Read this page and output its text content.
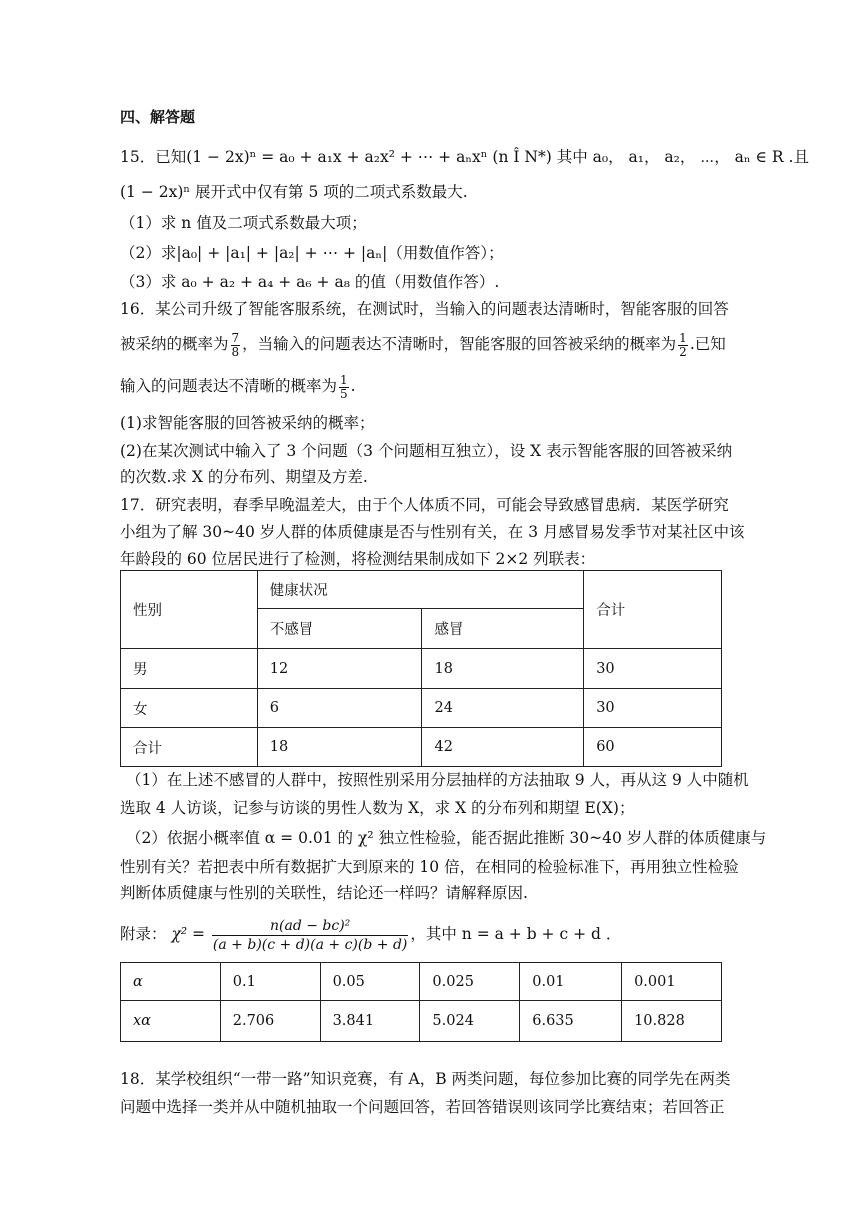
四、解答题
15．已知(1 − 2x)ⁿ = a₀ + a₁x + a₂x² + ⋯ + aₙxⁿ (n Î N*) 其中 a₀， a₁， a₂， ⋯， aₙ ∈ R .且
(1 − 2x)ⁿ 展开式中仅有第 5 项的二项式系数最大.
（1）求 n 值及二项式系数最大项；
（2）求|a₀| + |a₁| + |a₂| + ⋯ + |aₙ|（用数值作答）；
（3）求 a₀ + a₂ + a₄ + a₆ + a₈ 的值（用数值作答）.
16．某公司升级了智能客服系统，在测试时，当输入的问题表达清晰时，智能客服的回答
被采纳的概率为 $\frac{7}{8}$ ，当输入的问题表达不清晰时，智能客服的回答被采纳的概率为 $\frac{1}{2}$ .已知
输入的问题表达不清晰的概率为 $\frac{1}{5}$ .
(1)求智能客服的回答被采纳的概率；
(2)在某次测试中输入了 3 个问题（3 个问题相互独立），设 X 表示智能客服的回答被采纳
的次数.求 X 的分布列、期望及方差.
17．研究表明，春季早晚温差大，由于个人体质不同，可能会导致感冒患病．某医学研究
小组为了解 30~40 岁人群的体质健康是否与性别有关，在 3 月感冒易发季节对某社区中该
年龄段的 60 位居民进行了检测，将检测结果制成如下 2×2 列联表：
性别	健康状况		合计
	不感冒	感冒	
男	12	18	30
女	6	24	30
合计	18	42	60
（1）在上述不感冒的人群中，按照性别采用分层抽样的方法抽取 9 人，再从这 9 人中随机
选取 4 人访谈，记参与访谈的男性人数为 X，求 X 的分布列和期望 E(X)；
（2）依据小概率值 α = 0.01 的 χ² 独立性检验，能否据此推断 30~40 岁人群的体质健康与
性别有关？若把表中所有数据扩大到原来的 10 倍，在相同的检验标准下，再用独立性检验
判断体质健康与性别的关联性，结论还一样吗？请解释原因.
附录： $\chi^2 = \frac{\text{n(ad − bc)²}}{(a + b)(c + d)(a + c)(b + d)}$ ，其中 n = a + b + c + d ．
α	0.1	0.05	0.025	0.01	0.001
xα	2.706	3.841	5.024	6.635	10.828
18．某学校组织“一带一路”知识竞赛，有 A，B 两类问题，每位参加比赛的同学先在两类
问题中选择一类并从中随机抽取一个问题回答，若回答错误则该同学比赛结束；若回答正
